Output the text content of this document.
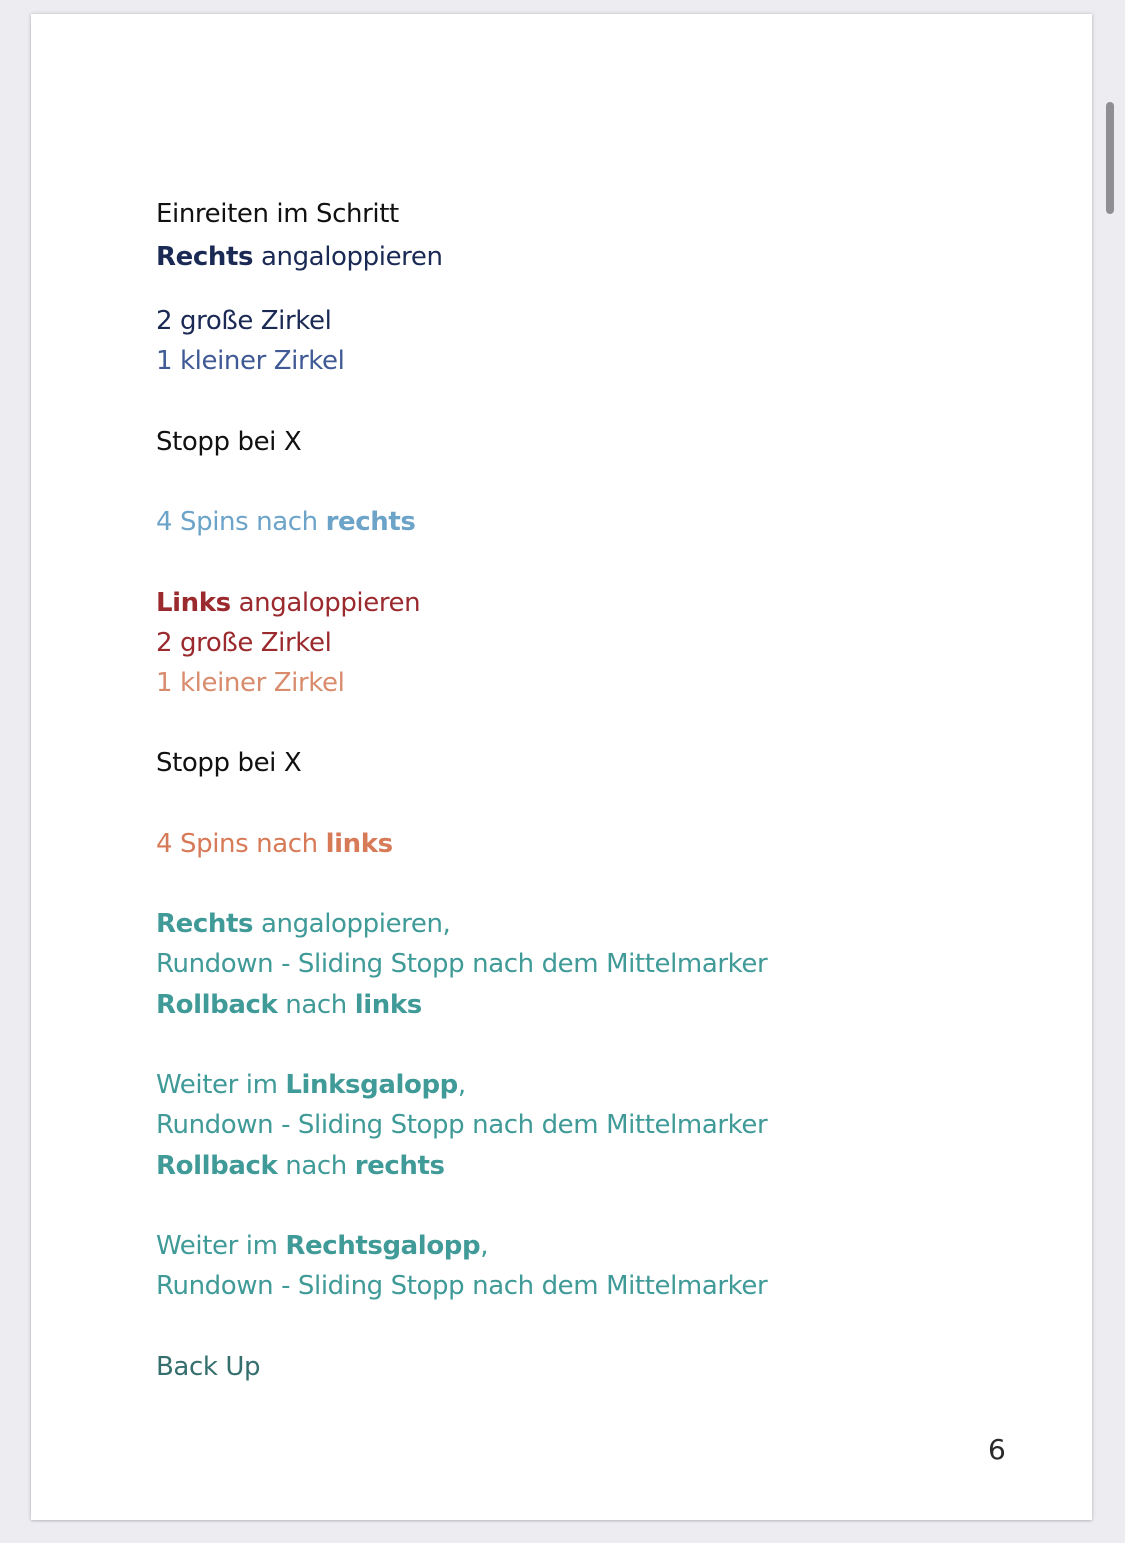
Einreiten im Schritt

Rechts angaloppieren

2 große Zirkel

1 kleiner Zirkel

Stopp bei X

4 Spins nach rechts

Links angaloppieren

2 große Zirkel

1 kleiner Zirkel

Stopp bei X

4 Spins nach links

Rechts angaloppieren,

Rundown - Sliding Stopp nach dem Mittelmarker

Rollback nach links

Weiter im Linksgalopp,

Rundown - Sliding Stopp nach dem Mittelmarker

Rollback nach rechts

Weiter im Rechtsgalopp,

Rundown - Sliding Stopp nach dem Mittelmarker

Back Up

6
